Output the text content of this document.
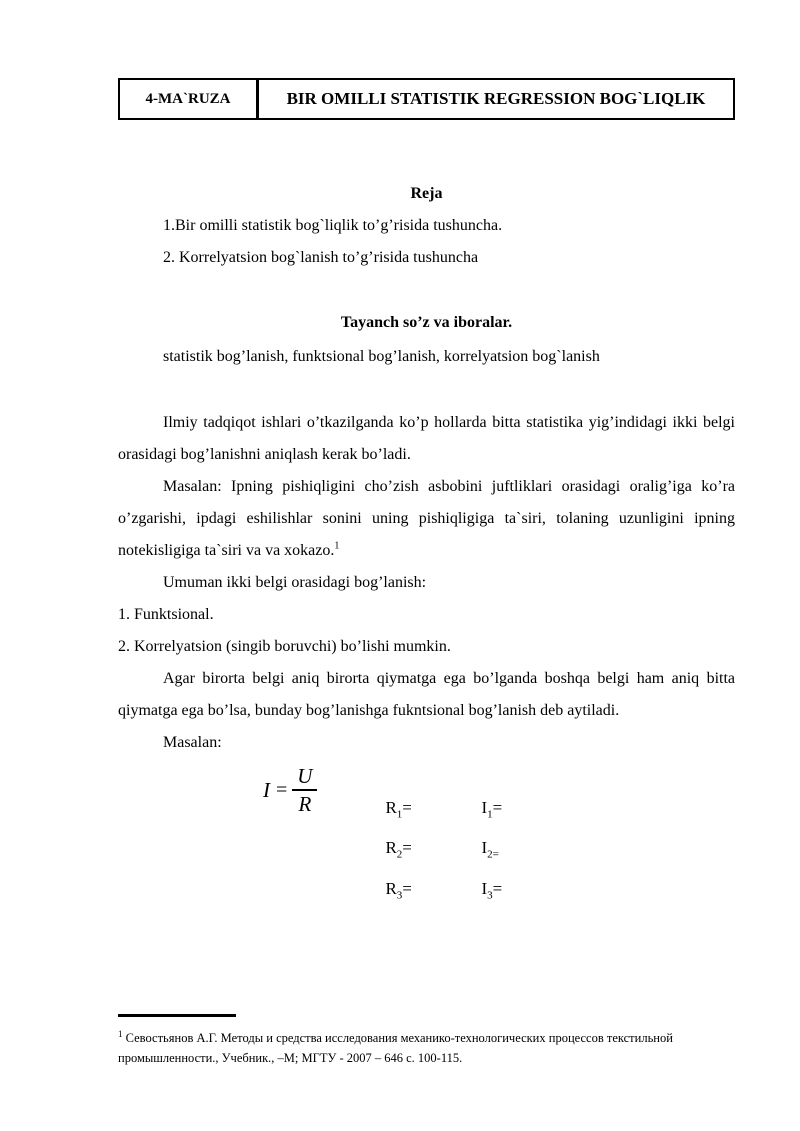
4-MA`RUZA	BIR OMILLI STATISTIK REGRESSION BOG`LIQLIK

Reja

1.Bir omilli statistik bog`liqlik to’g’risida tushuncha.

2. Korrelyatsion bog`lanish to’g’risida tushuncha

Tayanch so’z va iboralar.

statistik bog’lanish, funktsional bog’lanish, korrelyatsion bog`lanish

Ilmiy tadqiqot ishlari o’tkazilganda ko’p hollarda bitta statistika yig’indidagi ikki belgi orasidagi bog’lanishni aniqlash kerak bo’ladi.

Masalan: Ipning pishiqligini cho’zish asbobini juftliklari orasidagi oralig’iga ko’ra o’zgarishi, ipdagi eshilishlar sonini uning pishiqligiga ta`siri, tolaning uzunligini ipning notekisligiga ta`siri va va xokazo.$^1$

Umuman ikki belgi orasidagi bog’lanish:

1. Funktsional.

2. Korrelyatsion (singib boruvchi) bo’lishi mumkin.

Agar birorta belgi aniq birorta qiymatga ega bo’lganda boshqa belgi ham aniq bitta qiymatga ega bo’lsa, bunday bog’lanishga fukntsional bog’lanish deb aytiladi.

Masalan:

$I = \frac{U}{R}$	$R_1=$	$I_1=$
$R_2=$	$I_{2=}$
$R_3=$	$I_3=$
$^1$ Севостьянов А.Г. Методы и средства исследования механико-технологических процессов текстильной промышленности., Учебник., –М; МГТУ - 2007 – 646 с. 100-115.
